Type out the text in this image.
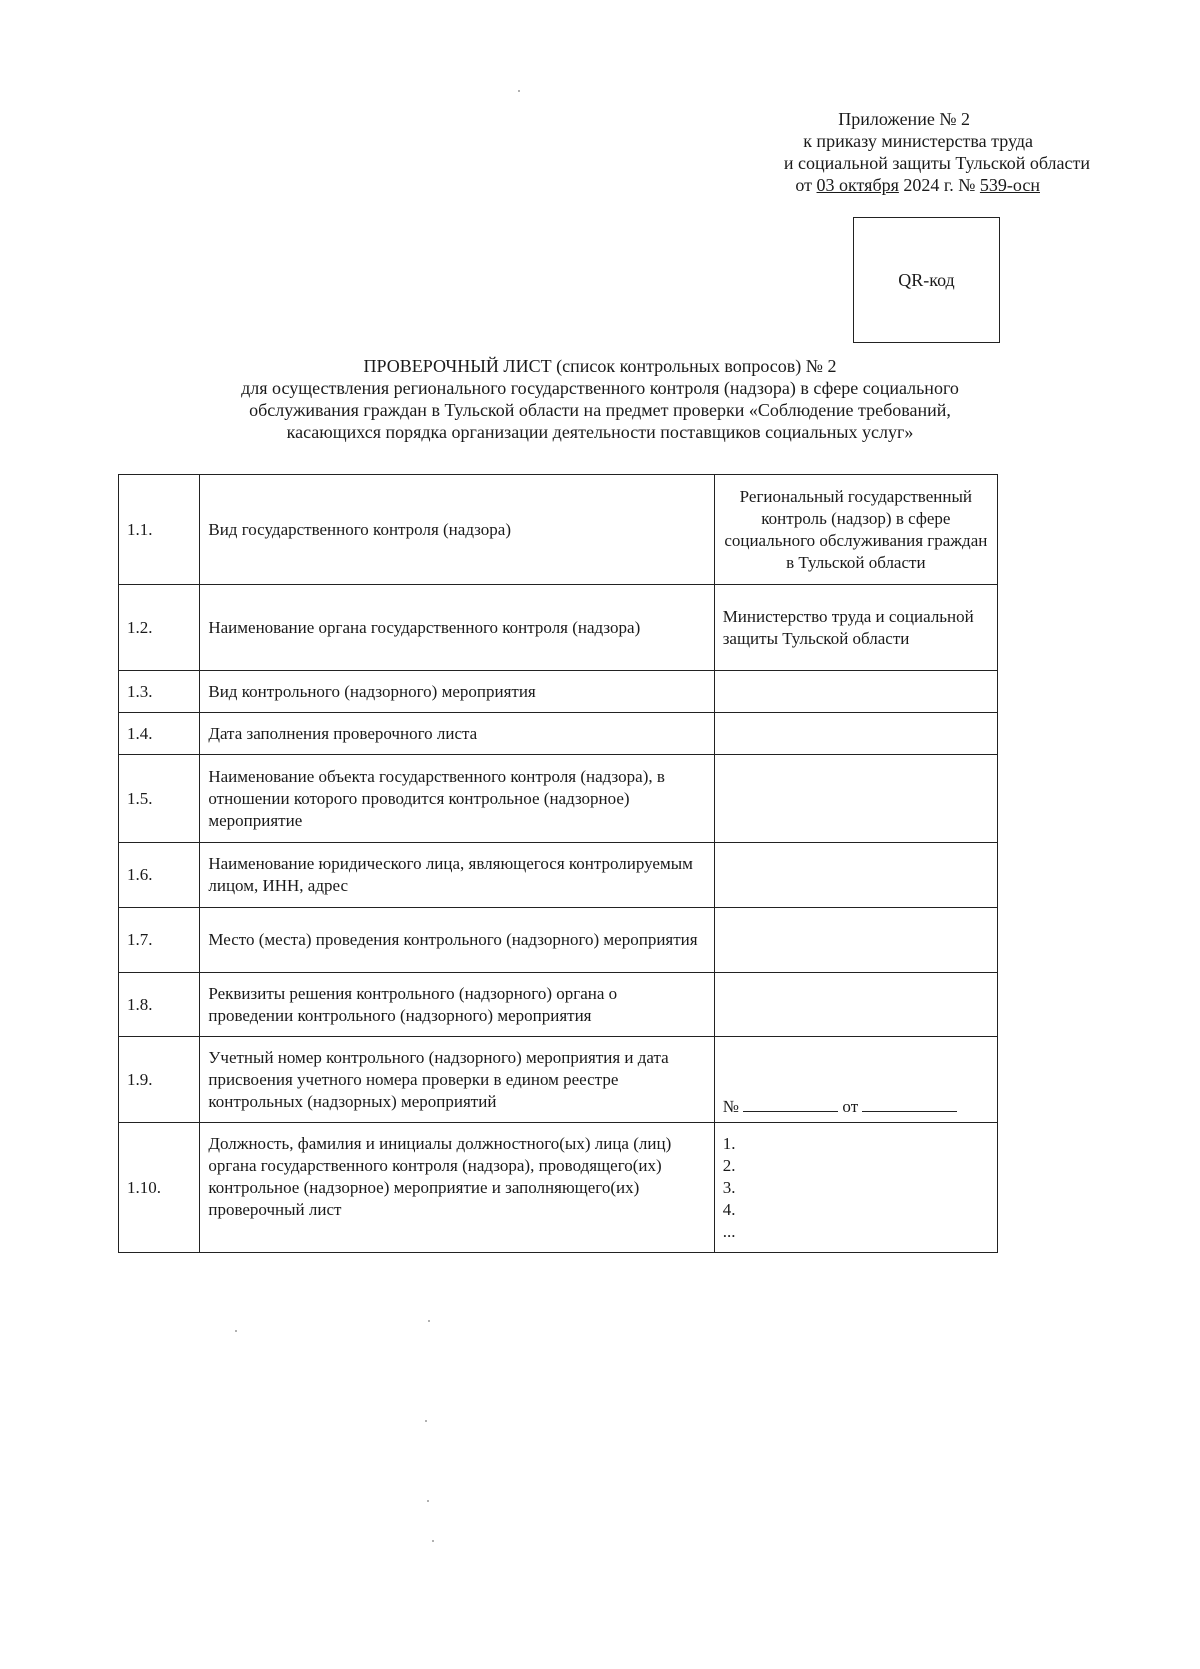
Приложение № 2
к приказу министерства труда
и социальной защиты Тульской области
от 03 октября 2024 г. № 539-осн
QR-код
ПРОВЕРОЧНЫЙ ЛИСТ (список контрольных вопросов) № 2
для осуществления регионального государственного контроля (надзора) в сфере социального
обслуживания граждан в Тульской области на предмет проверки «Соблюдение требований,
касающихся порядка организации деятельности поставщиков социальных услуг»
1.1.	Вид государственного контроля (надзора)	Региональный государственный контроль (надзор) в сфере социального обслуживания граждан в Тульской области
1.2.	Наименование органа государственного контроля (надзора)	Министерство труда и социальной защиты Тульской области
1.3.	Вид контрольного (надзорного) мероприятия	
1.4.	Дата заполнения проверочного листа	
1.5.	Наименование объекта государственного контроля (надзора), в отношении которого проводится контрольное (надзорное) мероприятие	
1.6.	Наименование юридического лица, являющегося контролируемым лицом, ИНН, адрес	
1.7.	Место (места) проведения контрольного (надзорного) мероприятия	
1.8.	Реквизиты решения контрольного (надзорного) органа о проведении контрольного (надзорного) мероприятия	
1.9.	Учетный номер контрольного (надзорного) мероприятия и дата присвоения учетного номера проверки в едином реестре контрольных (надзорных) мероприятий	№ от
1.10.	Должность, фамилия и инициалы должностного(ых) лица (лиц) органа государственного контроля (надзора), проводящего(их) контрольное (надзорное) мероприятие и заполняющего(их) проверочный лист	1.
2.
3.
4.
...
